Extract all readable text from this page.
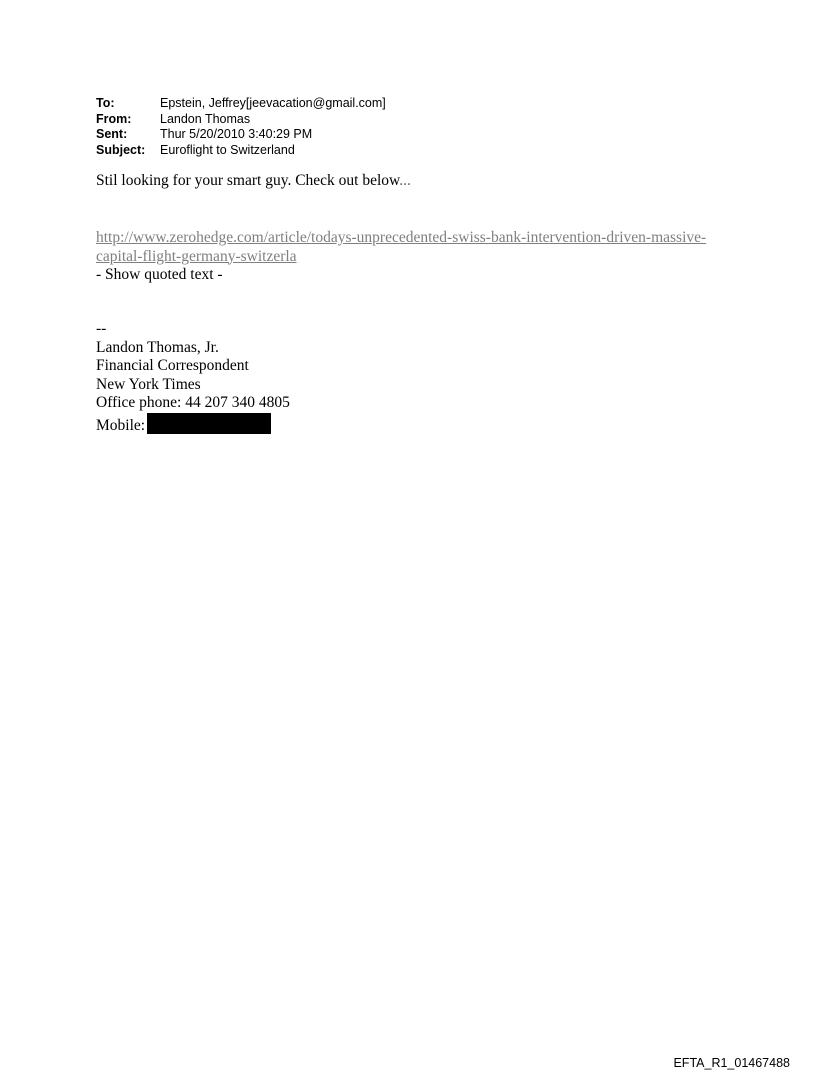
To:	Epstein, Jeffrey[jeevacation@gmail.com]
From:	Landon Thomas
Sent:	Thur 5/20/2010 3:40:29 PM
Subject:	Euroflight to Switzerland
Stil looking for your smart guy. Check out below...
http://www.zerohedge.com/article/todays-unprecedented-swiss-bank-intervention-driven-massive-
capital-flight-germany-switzerla
- Show quoted text -
--
Landon Thomas, Jr.
Financial Correspondent
New York Times
Office phone: 44 207 340 4805
Mobile:
EFTA_R1_01467488
